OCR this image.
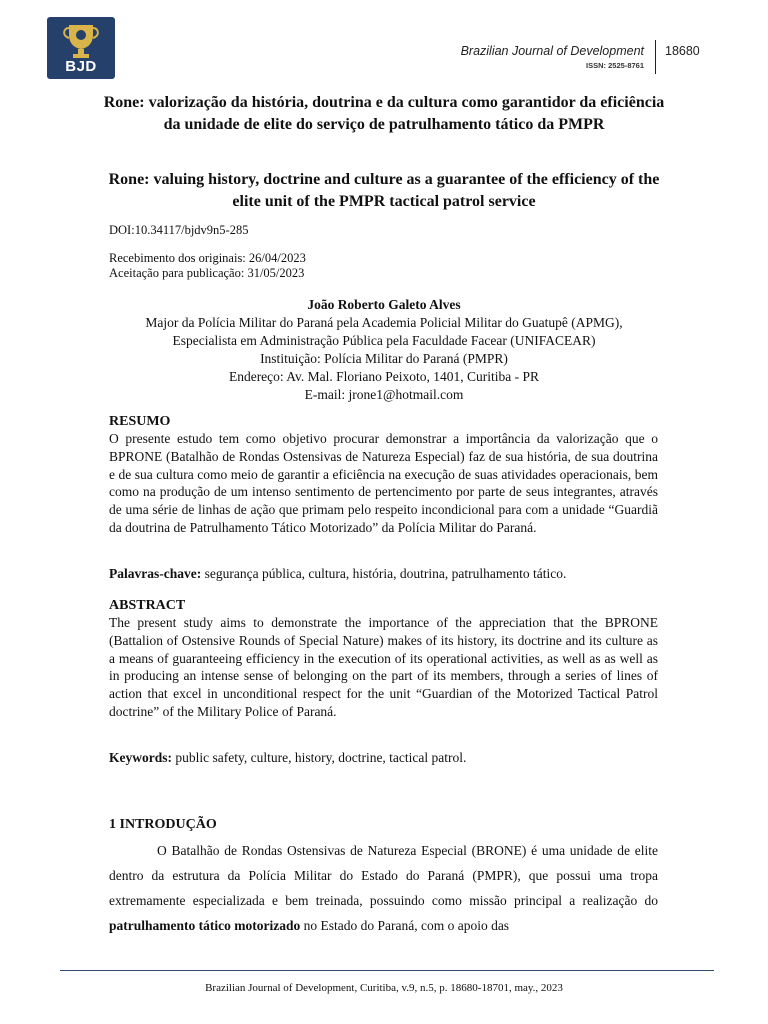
BJD
Brazilian Journal of Development
ISSN: 2525-8761
18680
Rone: valorização da história, doutrina e da cultura como garantidor da eficiência da unidade de elite do serviço de patrulhamento tático da PMPR
Rone: valuing history, doctrine and culture as a guarantee of the efficiency of the elite unit of the PMPR tactical patrol service
DOI:10.34117/bjdv9n5-285
Recebimento dos originais: 26/04/2023
Aceitação para publicação: 31/05/2023
João Roberto Galeto Alves
Major da Polícia Militar do Paraná pela Academia Policial Militar do Guatupê (APMG),
Especialista em Administração Pública pela Faculdade Facear (UNIFACEAR)
Instituição: Polícia Militar do Paraná (PMPR)
Endereço: Av. Mal. Floriano Peixoto, 1401, Curitiba - PR
E-mail: jrone1@hotmail.com
RESUMO

O presente estudo tem como objetivo procurar demonstrar a importância da valorização que o BPRONE (Batalhão de Rondas Ostensivas de Natureza Especial) faz de sua história, de sua doutrina e de sua cultura como meio de garantir a eficiência na execução de suas atividades operacionais, bem como na produção de um intenso sentimento de pertencimento por parte de seus integrantes, através de uma série de linhas de ação que primam pelo respeito incondicional para com a unidade “Guardiã da doutrina de Patrulhamento Tático Motorizado” da Polícia Militar do Paraná.

Palavras-chave: segurança pública, cultura, história, doutrina, patrulhamento tático.
ABSTRACT

The present study aims to demonstrate the importance of the appreciation that the BPRONE (Battalion of Ostensive Rounds of Special Nature) makes of its history, its doctrine and its culture as a means of guaranteeing efficiency in the execution of its operational activities, as well as as well as in producing an intense sense of belonging on the part of its members, through a series of lines of action that excel in unconditional respect for the unit “Guardian of the Motorized Tactical Patrol doctrine” of the Military Police of Paraná.

Keywords: public safety, culture, history, doctrine, tactical patrol.
1 INTRODUÇÃO

O Batalhão de Rondas Ostensivas de Natureza Especial (BRONE) é uma unidade de elite dentro da estrutura da Polícia Militar do Estado do Paraná (PMPR), que possui uma tropa extremamente especializada e bem treinada, possuindo como missão principal a realização do patrulhamento tático motorizado no Estado do Paraná, com o apoio das

Brazilian Journal of Development, Curitiba, v.9, n.5, p. 18680-18701, may., 2023
